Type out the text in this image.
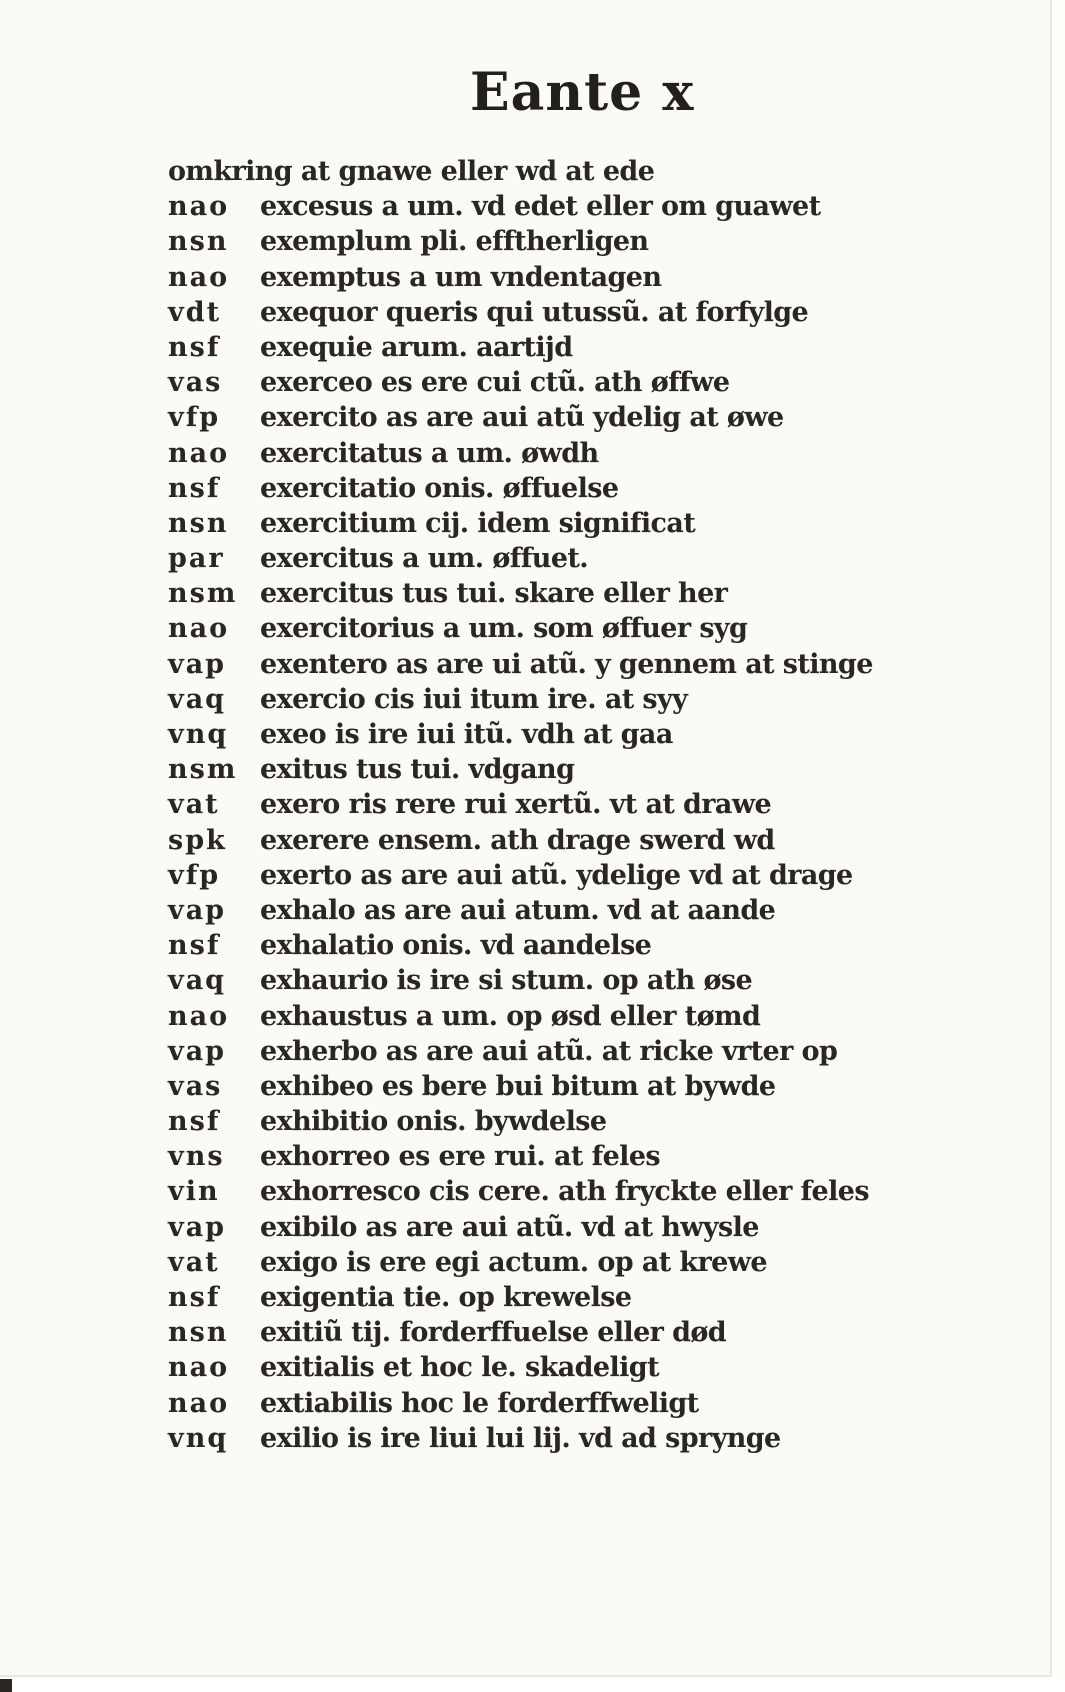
Eante x
omkring at gnawe eller wd at ede
nao excesus a um. vd edet eller om guawet
nsn exemplum pli. efftherligen
nao exemptus a um vndentagen
vdt exequor queris qui utussũ. at forfylge
nsf exequie arum. aartijd
vas exerceo es ere cui ctũ. ath øffwe
vfp exercito as are aui atũ ydelig at øwe
nao exercitatus a um. øwdh
nsf exercitatio onis. øffuelse
nsn exercitium cij. idem significat
par exercitus a um. øffuet.
nsm exercitus tus tui. skare eller her
nao exercitorius a um. som øffuer syg
vap exentero as are ui atũ. y gennem at stinge
vaq exercio cis iui itum ire. at syy
vnq exeo is ire iui itũ. vdh at gaa
nsm exitus tus tui. vdgang
vat exero ris rere rui xertũ. vt at drawe
spk exerere ensem. ath drage swerd wd
vfp exerto as are aui atũ. ydelige vd at drage
vap exhalo as are aui atum. vd at aande
nsf exhalatio onis. vd aandelse
vaq exhaurio is ire si stum. op ath øse
nao exhaustus a um. op øsd eller tømd
vap exherbo as are aui atũ. at ricke vrter op
vas exhibeo es bere bui bitum at bywde
nsf exhibitio onis. bywdelse
vns exhorreo es ere rui. at feles
vin exhorresco cis cere. ath fryckte eller feles
vap exibilo as are aui atũ. vd at hwysle
vat exigo is ere egi actum. op at krewe
nsf exigentia tie. op krewelse
nsn exitiũ tij. forderffuelse eller død
nao exitialis et hoc le. skadeligt
nao extiabilis hoc le forderffweligt
vnq exilio is ire liui lui lij. vd ad sprynge
